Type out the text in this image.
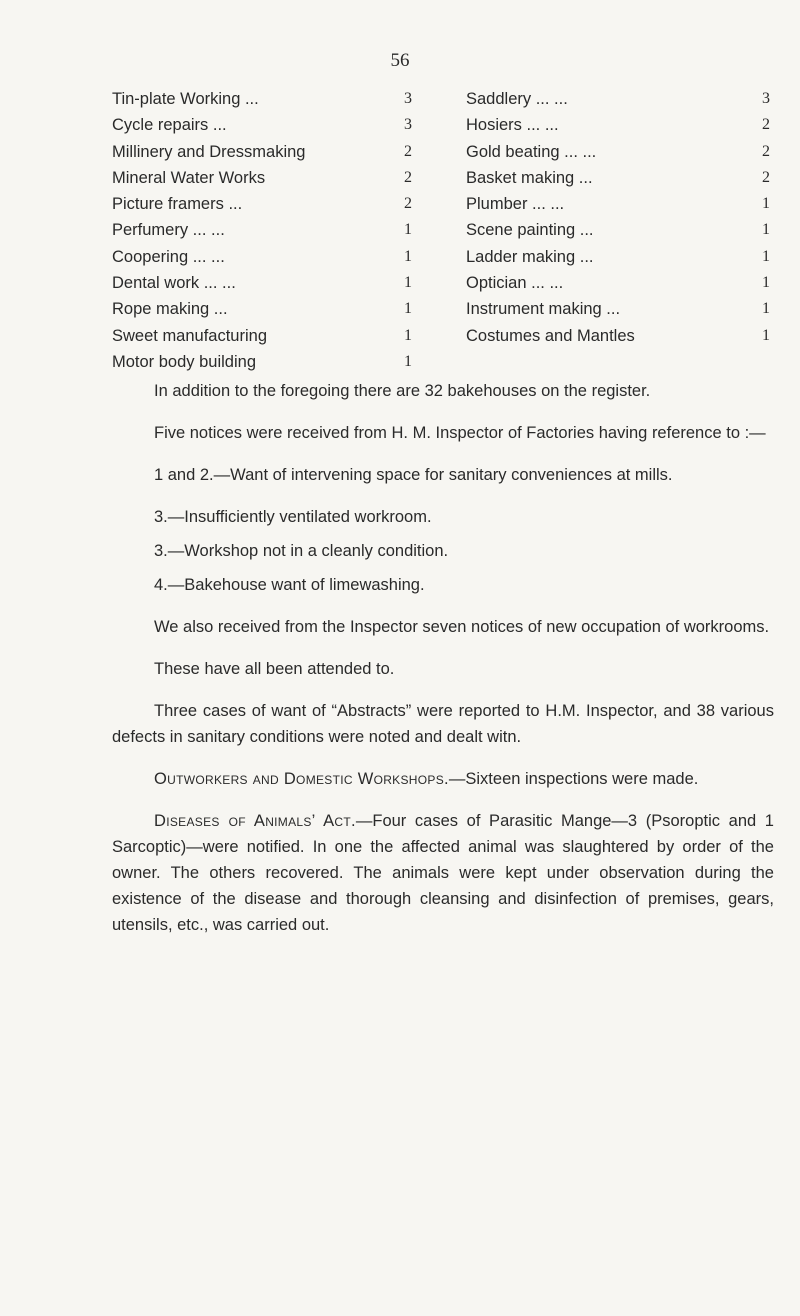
56
Tin-plate Working ...	3
Cycle repairs ...	3
Millinery and Dressmaking	2
Mineral Water Works	2
Picture framers ...	2
Perfumery ... ...	1
Coopering ... ...	1
Dental work ... ...	1
Rope making ...	1
Sweet manufacturing	1
Motor body building	1
Saddlery ... ...	3
Hosiers ... ...	2
Gold beating ... ...	2
Basket making ...	2
Plumber ... ...	1
Scene painting ...	1
Ladder making ...	1
Optician ... ...	1
Instrument making ...	1
Costumes and Mantles	1

In addition to the foregoing there are 32 bakehouses on the register.

Five notices were received from H. M. Inspector of Factories having reference to :—

1 and 2.—Want of intervening space for sanitary conveniences at mills.

3.—Insufficiently ventilated workroom.

3.—Workshop not in a cleanly condition.

4.—Bakehouse want of limewashing.

We also received from the Inspector seven notices of new occupation of workrooms.

These have all been attended to.

Three cases of want of “Abstracts” were reported to H.M. Inspector, and 38 various defects in sanitary conditions were noted and dealt witn.

Outworkers and Domestic Workshops.—Sixteen inspections were made.

Diseases of Animals’ Act.—Four cases of Parasitic Mange—3 (Psoroptic and 1 Sarcoptic)—were notified. In one the affected animal was slaughtered by order of the owner. The others recovered. The animals were kept under observation during the existence of the disease and thorough cleansing and disinfection of premises, gears, utensils, etc., was carried out.
